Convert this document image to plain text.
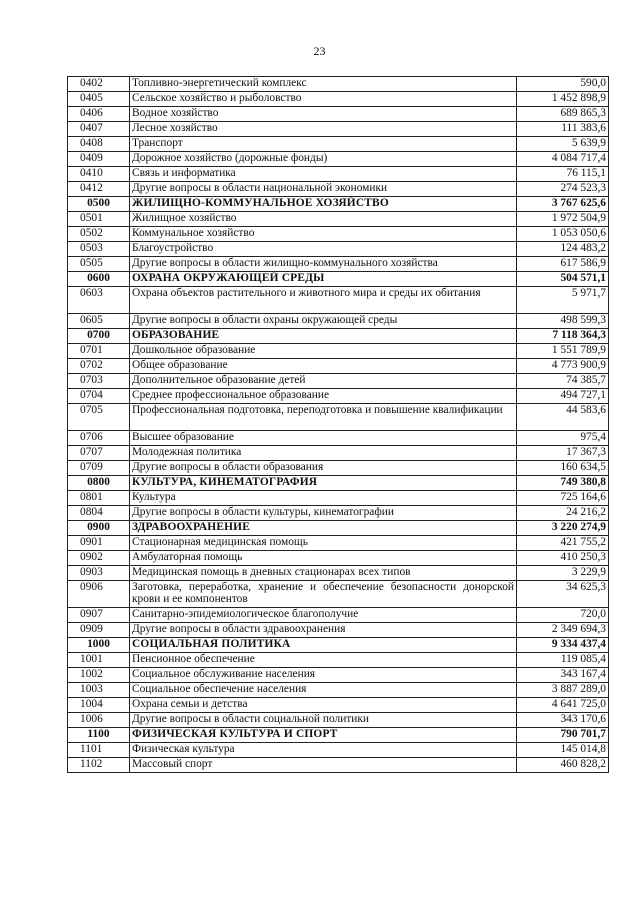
23
0402	Топливно-энергетический комплекс	590,0
0405	Сельское хозяйство и рыболовство	1 452 898,9
0406	Водное хозяйство	689 865,3
0407	Лесное хозяйство	111 383,6
0408	Транспорт	5 639,9
0409	Дорожное хозяйство (дорожные фонды)	4 084 717,4
0410	Связь и информатика	76 115,1
0412	Другие вопросы в области национальной экономики	274 523,3
0500	ЖИЛИЩНО-КОММУНАЛЬНОЕ ХОЗЯЙСТВО	3 767 625,6
0501	Жилищное хозяйство	1 972 504,9
0502	Коммунальное хозяйство	1 053 050,6
0503	Благоустройство	124 483,2
0505	Другие вопросы в области жилищно-коммунального хозяйства	617 586,9
0600	ОХРАНА ОКРУЖАЮЩЕЙ СРЕДЫ	504 571,1
0603	Охрана объектов растительного и животного мира и среды их обитания	5 971,7
0605	Другие вопросы в области охраны окружающей среды	498 599,3
0700	ОБРАЗОВАНИЕ	7 118 364,3
0701	Дошкольное образование	1 551 789,9
0702	Общее образование	4 773 900,9
0703	Дополнительное образование детей	74 385,7
0704	Среднее профессиональное образование	494 727,1
0705	Профессиональная подготовка, переподготовка и повышение квалификации	44 583,6
0706	Высшее образование	975,4
0707	Молодежная политика	17 367,3
0709	Другие вопросы в области образования	160 634,5
0800	КУЛЬТУРА, КИНЕМАТОГРАФИЯ	749 380,8
0801	Культура	725 164,6
0804	Другие вопросы в области культуры, кинематографии	24 216,2
0900	ЗДРАВООХРАНЕНИЕ	3 220 274,9
0901	Стационарная медицинская помощь	421 755,2
0902	Амбулаторная помощь	410 250,3
0903	Медицинская помощь в дневных стационарах всех типов	3 229,9
0906	Заготовка, переработка, хранение и обеспечение безопасности донорской крови и ее компонентов	34 625,3
0907	Санитарно-эпидемиологическое благополучие	720,0
0909	Другие вопросы в области здравоохранения	2 349 694,3
1000	СОЦИАЛЬНАЯ ПОЛИТИКА	9 334 437,4
1001	Пенсионное обеспечение	119 085,4
1002	Социальное обслуживание населения	343 167,4
1003	Социальное обеспечение населения	3 887 289,0
1004	Охрана семьи и детства	4 641 725,0
1006	Другие вопросы в области социальной политики	343 170,6
1100	ФИЗИЧЕСКАЯ КУЛЬТУРА И СПОРТ	790 701,7
1101	Физическая культура	145 014,8
1102	Массовый спорт	460 828,2
